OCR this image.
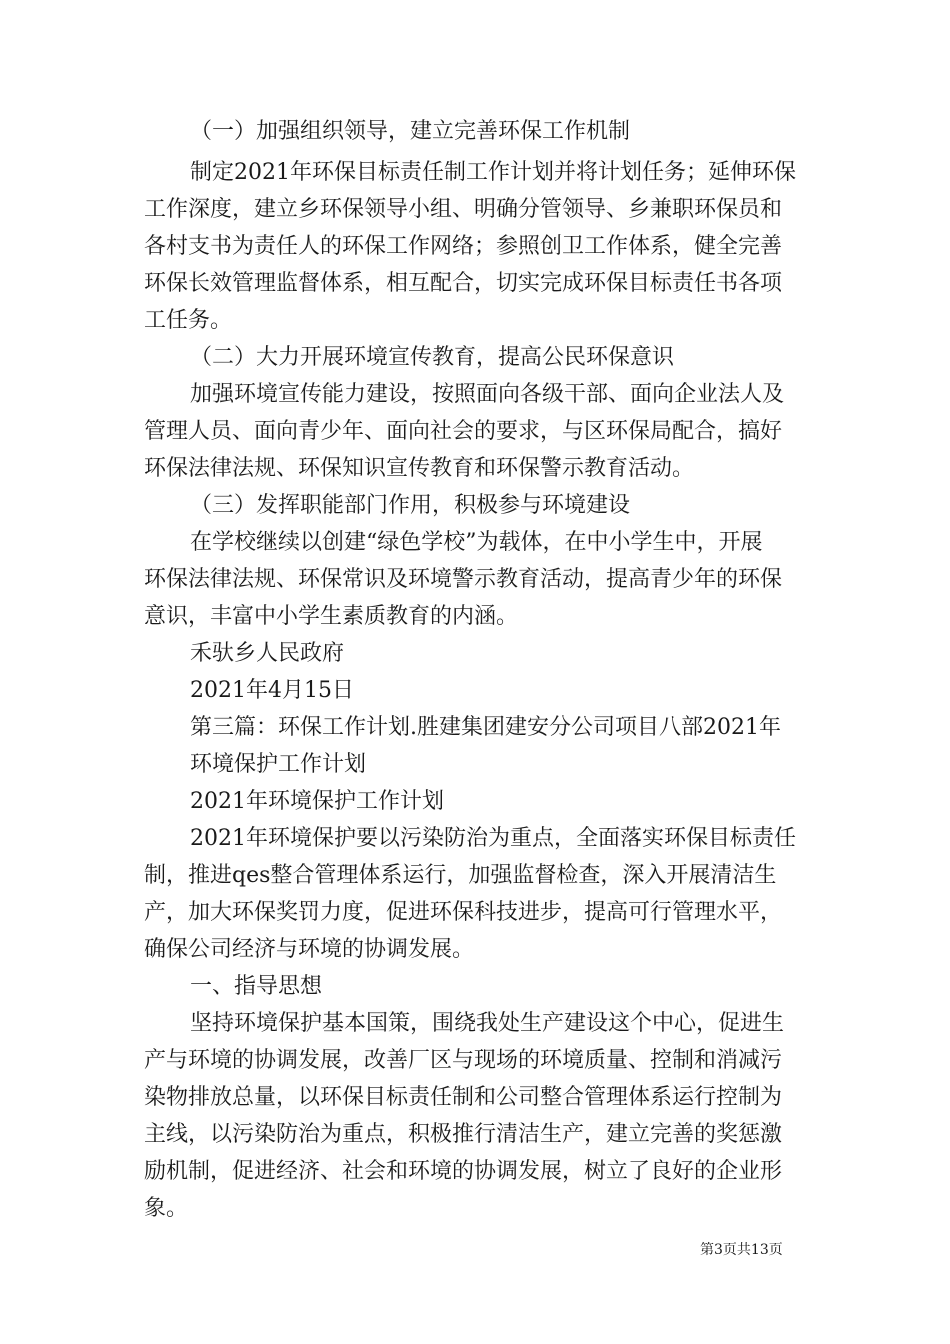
（一）加强组织领导，建立完善环保工作机制
制定2021年环保目标责任制工作计划并将计划任务；延伸环保
工作深度，建立乡环保领导小组、明确分管领导、乡兼职环保员和
各村支书为责任人的环保工作网络；参照创卫工作体系，健全完善
环保长效管理监督体系，相互配合，切实完成环保目标责任书各项
工任务。
（二）大力开展环境宣传教育，提高公民环保意识
加强环境宣传能力建设，按照面向各级干部、面向企业法人及
管理人员、面向青少年、面向社会的要求，与区环保局配合，搞好
环保法律法规、环保知识宣传教育和环保警示教育活动。
（三）发挥职能部门作用，积极参与环境建设
在学校继续以创建“绿色学校”为载体，在中小学生中，开展
环保法律法规、环保常识及环境警示教育活动，提高青少年的环保
意识，丰富中小学生素质教育的内涵。
禾驮乡人民政府
2021年4月15日
第三篇：环保工作计划.胜建集团建安分公司项目八部2021年
环境保护工作计划
2021年环境保护工作计划
2021年环境保护要以污染防治为重点，全面落实环保目标责任
制，推进qes整合管理体系运行，加强监督检查，深入开展清洁生
产，加大环保奖罚力度，促进环保科技进步，提高可行管理水平，
确保公司经济与环境的协调发展。
一、指导思想
坚持环境保护基本国策，围绕我处生产建设这个中心，促进生
产与环境的协调发展，改善厂区与现场的环境质量、控制和消减污
染物排放总量，以环保目标责任制和公司整合管理体系运行控制为
主线，以污染防治为重点，积极推行清洁生产，建立完善的奖惩激
励机制，促进经济、社会和环境的协调发展，树立了良好的企业形
象。
第3页共13页
